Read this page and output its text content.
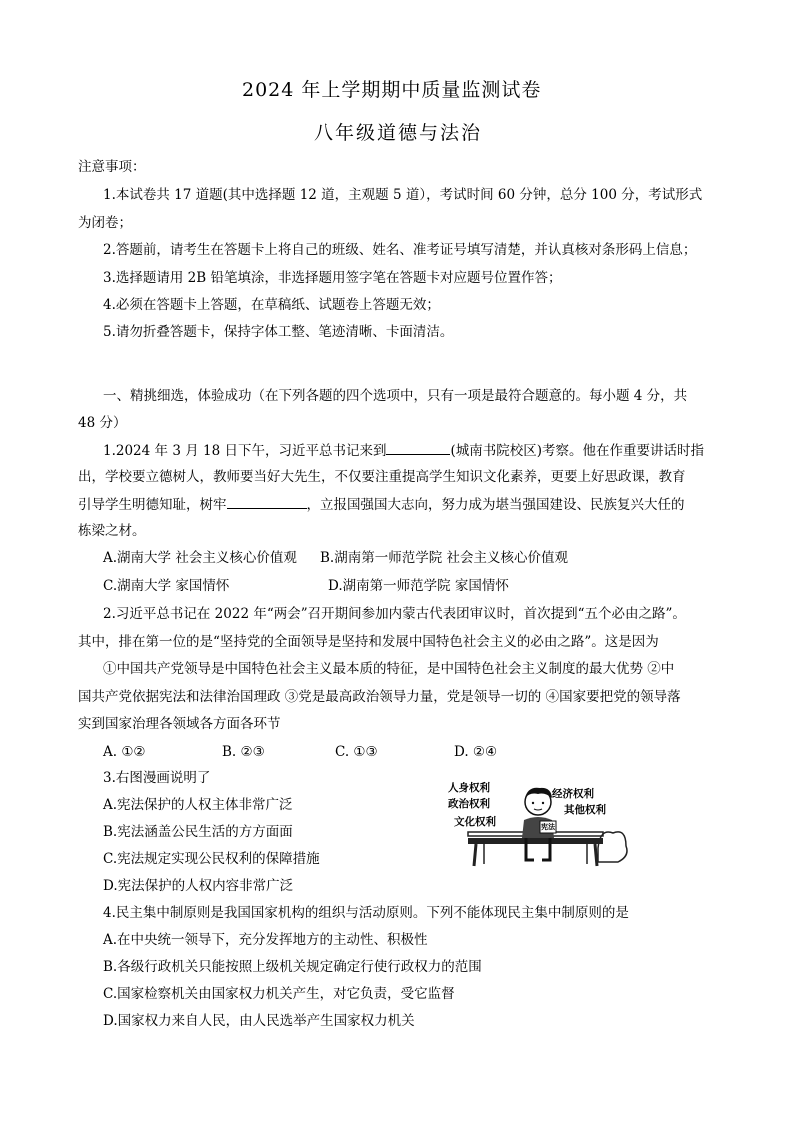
2024 年上学期期中质量监测试卷
八年级道德与法治
注意事项：
1.本试卷共 17 道题(其中选择题 12 道，主观题 5 道），考试时间 60 分钟，总分 100 分，考试形式
为闭卷；
2.答题前，请考生在答题卡上将自己的班级、姓名、准考证号填写清楚，并认真核对条形码上信息；
3.选择题请用 2B 铅笔填涂，非选择题用签字笔在答题卡对应题号位置作答；
4.必须在答题卡上答题，在草稿纸、试题卷上答题无效；
5.请勿折叠答题卡，保持字体工整、笔迹清晰、卡面清洁。
一、精挑细选，体验成功（在下列各题的四个选项中，只有一项是最符合题意的。每小题 4 分，共
48 分）
1.2024 年 3 月 18 日下午，习近平总书记来到	(城南书院校区)考察。他在作重要讲话时指
出，学校要立德树人，教师要当好大先生，不仅要注重提高学生知识文化素养，更要上好思政课，教育
引导学生明德知耻，树牢	，立报国强国大志向，努力成为堪当强国建设、民族复兴大任的
栋梁之材。
A.湖南大学 社会主义核心价值观 B.湖南第一师范学院 社会主义核心价值观
C.湖南大学 家国情怀	D.湖南第一师范学院 家国情怀
2.习近平总书记在 2022 年“两会”召开期间参加内蒙古代表团审议时，首次提到“五个必由之路”。
其中，排在第一位的是“坚持党的全面领导是坚持和发展中国特色社会主义的必由之路”。这是因为
①中国共产党领导是中国特色社会主义最本质的特征，是中国特色社会主义制度的最大优势 ②中
国共产党依据宪法和法律治国理政 ③党是最高政治领导力量，党是领导一切的 ④国家要把党的领导落
实到国家治理各领域各方面各环节
A. ①②	B. ②③	C. ①③	D. ②④
3.右图漫画说明了
A.宪法保护的人权主体非常广泛
B.宪法涵盖公民生活的方方面面
C.宪法规定实现公民权利的保障措施
D.宪法保护的人权内容非常广泛
人身权利
政治权利
文化权利
经济权利
其他权利
宪法
4.民主集中制原则是我国国家机构的组织与活动原则。下列不能体现民主集中制原则的是
A.在中央统一领导下，充分发挥地方的主动性、积极性
B.各级行政机关只能按照上级机关规定确定行使行政权力的范围
C.国家检察机关由国家权力机关产生，对它负责，受它监督
D.国家权力来自人民，由人民选举产生国家权力机关
